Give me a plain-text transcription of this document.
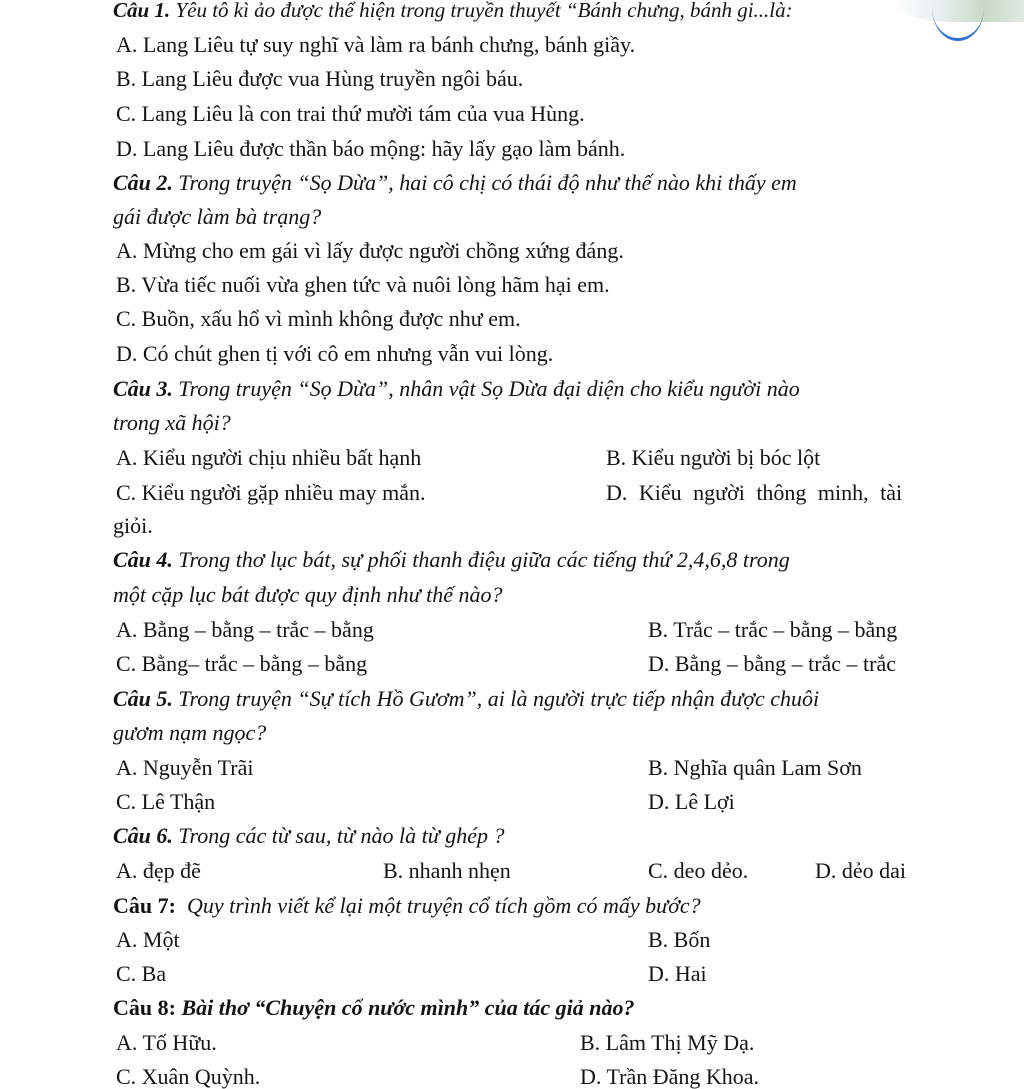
Câu 1. Yêu tô kì ảo được thể hiện trong truyền thuyết “Bánh chưng, bánh gi...là:
A. Lang Liêu tự suy nghĩ và làm ra bánh chưng, bánh giầy.
B. Lang Liêu được vua Hùng truyền ngôi báu.
C. Lang Liêu là con trai thứ mười tám của vua Hùng.
D. Lang Liêu được thần báo mộng: hãy lấy gạo làm bánh.
Câu 2. Trong truyện “Sọ Dừa”, hai cô chị có thái độ như thế nào khi thấy em
gái được làm bà trạng?
A. Mừng cho em gái vì lấy được người chồng xứng đáng.
B. Vừa tiếc nuối vừa ghen tức và nuôi lòng hãm hại em.
C. Buồn, xấu hổ vì mình không được như em.
D. Có chút ghen tị với cô em nhưng vẫn vui lòng.
Câu 3. Trong truyện “Sọ Dừa”, nhân vật Sọ Dừa đại diện cho kiểu người nào
trong xã hội?
A. Kiểu người chịu nhiều bất hạnh	B. Kiểu người bị bóc lột
C. Kiểu người gặp nhiều may mắn.	D. Kiểu người thông minh, tài
giỏi.
Câu 4. Trong thơ lục bát, sự phối thanh điệu giữa các tiếng thứ 2,4,6,8 trong
một cặp lục bát được quy định như thế nào?
A. Bằng – bằng – trắc – bằng	B. Trắc – trắc – bằng – bằng
C. Bằng– trắc – bằng – bằng	D. Bằng – bằng – trắc – trắc
Câu 5. Trong truyện “Sự tích Hồ Gươm”, ai là người trực tiếp nhận được chuôi
gươm nạm ngọc?
A. Nguyễn Trãi	B. Nghĩa quân Lam Sơn
C. Lê Thận	D. Lê Lợi
Câu 6. Trong các từ sau, từ nào là từ ghép ?
A. đẹp đẽ	B. nhanh nhẹn	C. deo dẻo.	D. dẻo dai
Câu 7: Quy trình viết kể lại một truyện cổ tích gồm có mấy bước?
A. Một	B. Bốn
C. Ba	D. Hai
Câu 8: Bài thơ “Chuyện cổ nước mình” của tác giả nào?
A. Tố Hữu.	B. Lâm Thị Mỹ Dạ.
C. Xuân Quỳnh.	D. Trần Đăng Khoa.
